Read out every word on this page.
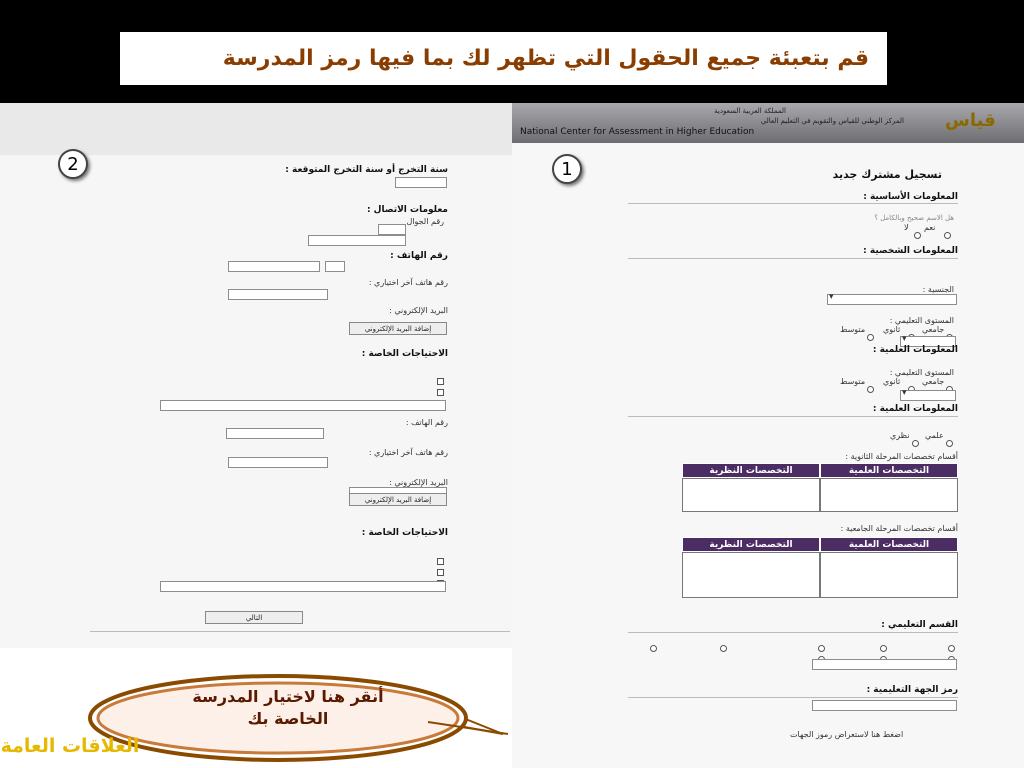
قم بتعبئة جميع الحقول التي تظهر لك بما فيها رمز المدرسة
2	سنة التخرج أو سنة التخرج المتوقعة :
معلومات الاتصال :
رقم الجوال
رقم الهاتف :
رقم هاتف آخر اختياري :
البريد الإلكتروني :
إضافة البريد الإلكتروني
الاحتياجات الخاصة :
رقم الهاتف :
رقم هاتف آخر اختياري :
البريد الإلكتروني :
إضافة البريد الإلكتروني
الاحتياجات الخاصة :
التالي
المملكة العربية السعودية
المركز الوطني للقياس والتقويم في التعليم العالي
National Center for Assessment in Higher Education
قياس
1	تسجيل مشترك جديد
المعلومات الأساسية :
هل الاسم صحيح وبالكامل ؟
نعم
لا
المعلومات الشخصية :
الجنسية :
▾
المستوى التعليمي :
جامعي
ثانوي
متوسط
▾
المعلومات العلمية :
المستوى التعليمي :
جامعي
ثانوي
متوسط
▾
المعلومات العلمية :
علمي
نظري
أقسام تخصصات المرحلة الثانوية :
التخصصات العلمية
التخصصات النظرية
أقسام تخصصات المرحلة الجامعية :
التخصصات العلمية
التخصصات النظرية
القسم التعليمي :
رمز الجهة التعليمية :
اضغط هنا لاستعراض رموز الجهات
أنقر هنا لاختيار المدرسة الخاصة بك
العلاقات العامة
